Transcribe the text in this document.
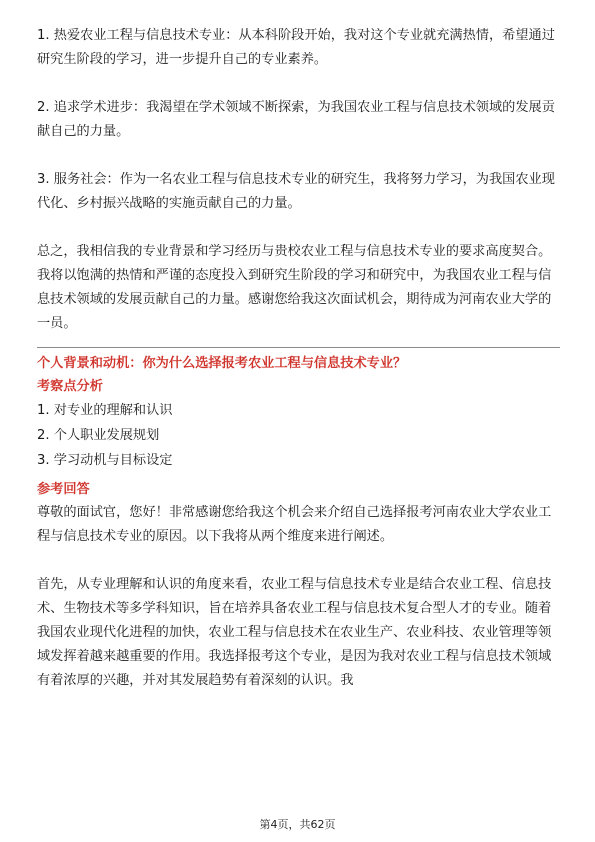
1. 热爱农业工程与信息技术专业：从本科阶段开始，我对这个专业就充满热情，希望通过研究生阶段的学习，进一步提升自己的专业素养。

2. 追求学术进步：我渴望在学术领域不断探索，为我国农业工程与信息技术领域的发展贡献自己的力量。

3. 服务社会：作为一名农业工程与信息技术专业的研究生，我将努力学习，为我国农业现代化、乡村振兴战略的实施贡献自己的力量。

总之，我相信我的专业背景和学习经历与贵校农业工程与信息技术专业的要求高度契合。我将以饱满的热情和严谨的态度投入到研究生阶段的学习和研究中，为我国农业工程与信息技术领域的发展贡献自己的力量。感谢您给我这次面试机会，期待成为河南农业大学的一员。

个人背景和动机：你为什么选择报考农业工程与信息技术专业？
考察点分析

1. 对专业的理解和认识

2. 个人职业发展规划

3. 学习动机与目标设定

参考回答

尊敬的面试官，您好！非常感谢您给我这个机会来介绍自己选择报考河南农业大学农业工程与信息技术专业的原因。以下我将从两个维度来进行阐述。

首先，从专业理解和认识的角度来看，农业工程与信息技术专业是结合农业工程、信息技术、生物技术等多学科知识，旨在培养具备农业工程与信息技术复合型人才的专业。随着我国农业现代化进程的加快，农业工程与信息技术在农业生产、农业科技、农业管理等领域发挥着越来越重要的作用。我选择报考这个专业，是因为我对农业工程与信息技术领域有着浓厚的兴趣，并对其发展趋势有着深刻的认识。我

第4页，共62页
